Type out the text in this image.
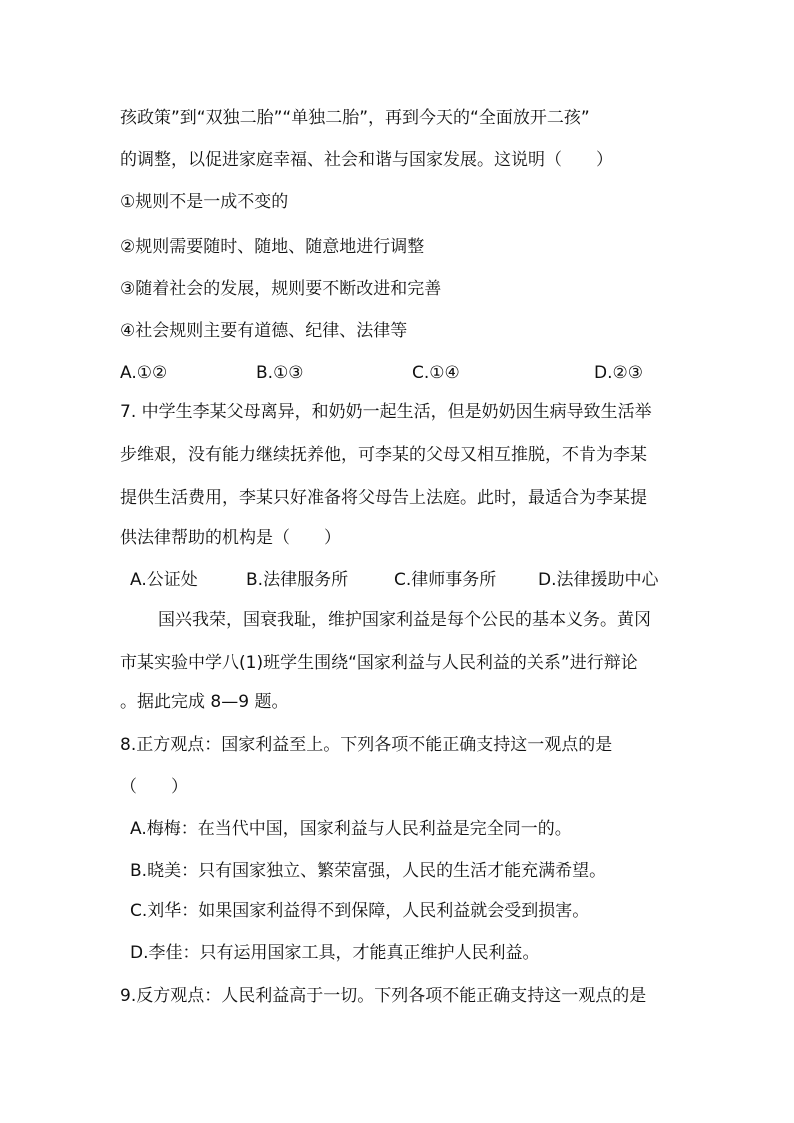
孩政策”到“双独二胎”“单独二胎”，再到今天的“全面放开二孩”
的调整，以促进家庭幸福、社会和谐与国家发展。这说明（　　）
①规则不是一成不变的
②规则需要随时、随地、随意地进行调整
③随着社会的发展，规则要不断改进和完善
④社会规则主要有道德、纪律、法律等
A.①②	B.①③	C.①④	D.②③
7. 中学生李某父母离异，和奶奶一起生活，但是奶奶因生病导致生活举
步维艰，没有能力继续抚养他，可李某的父母又相互推脱，不肯为李某
提供生活费用，李某只好准备将父母告上法庭。此时，最适合为李某提
供法律帮助的机构是（　　）
A.公证处	B.法律服务所	C.律师事务所 D.法律援助中心
国兴我荣，国衰我耻，维护国家利益是每个公民的基本义务。黄冈
市某实验中学八(1)班学生围绕“国家利益与人民利益的关系”进行辩论
。据此完成 8—9 题。
8.正方观点：国家利益至上。下列各项不能正确支持这一观点的是
（　　）
A.梅梅：在当代中国，国家利益与人民利益是完全同一的。
B.晓美：只有国家独立、繁荣富强，人民的生活才能充满希望。
C.刘华：如果国家利益得不到保障，人民利益就会受到损害。
D.李佳：只有运用国家工具，才能真正维护人民利益。
9.反方观点：人民利益高于一切。下列各项不能正确支持这一观点的是
